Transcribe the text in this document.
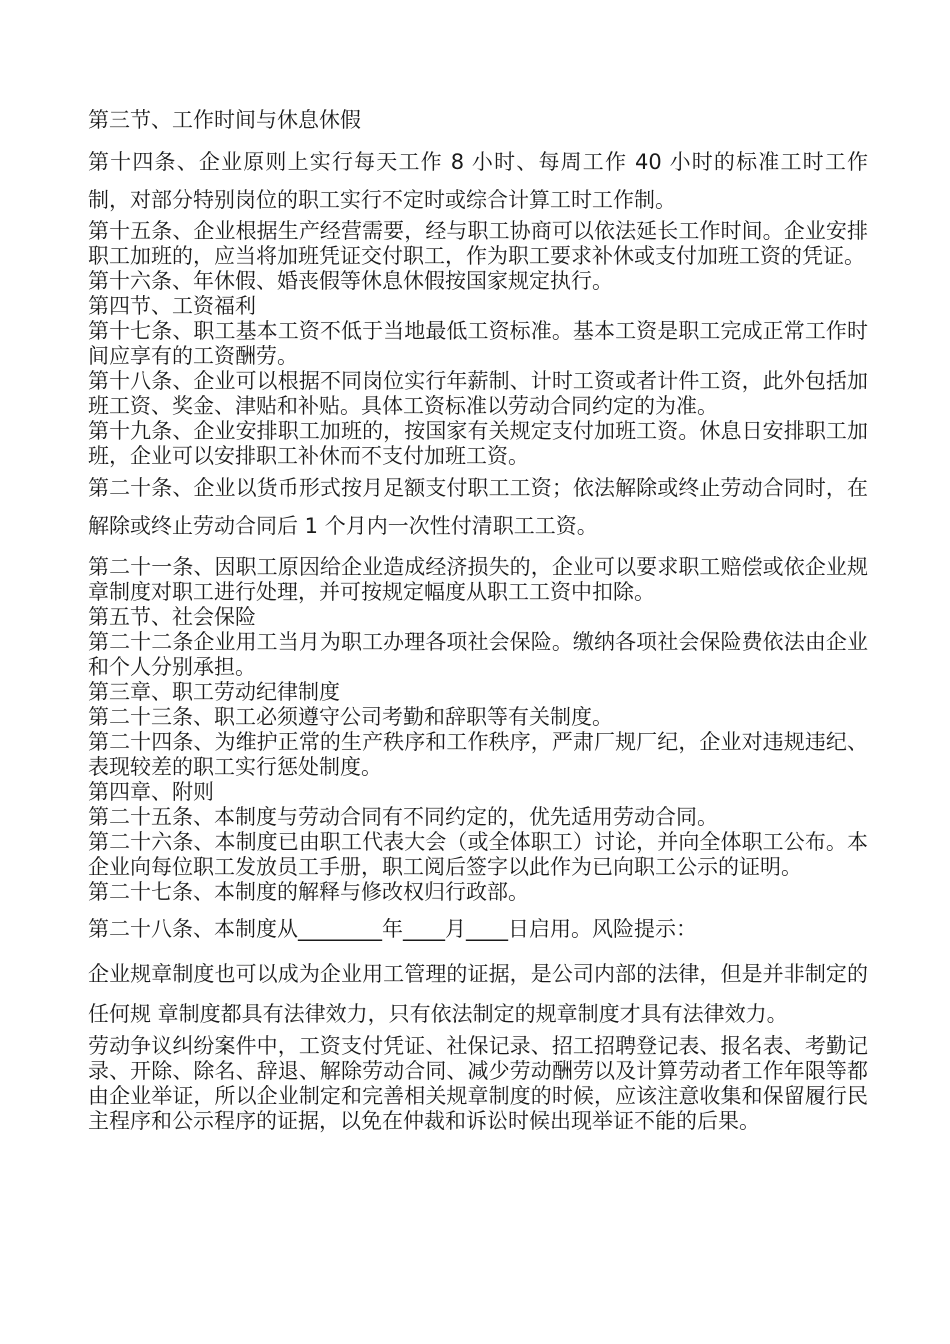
第三节、工作时间与休息休假

第十四条、企业原则上实行每天工作 8 小时、每周工作 40 小时的标准工时工作制，对部分特别岗位的职工实行不定时或综合计算工时工作制。

第十五条、企业根据生产经营需要，经与职工协商可以依法延长工作时间。企业安排职工加班的，应当将加班凭证交付职工，作为职工要求补休或支付加班工资的凭证。

第十六条、年休假、婚丧假等休息休假按国家规定执行。

第四节、工资福利

第十七条、职工基本工资不低于当地最低工资标准。基本工资是职工完成正常工作时间应享有的工资酬劳。

第十八条、企业可以根据不同岗位实行年薪制、计时工资或者计件工资，此外包括加班工资、奖金、津贴和补贴。具体工资标准以劳动合同约定的为准。

第十九条、企业安排职工加班的，按国家有关规定支付加班工资。休息日安排职工加班，企业可以安排职工补休而不支付加班工资。

第二十条、企业以货币形式按月足额支付职工工资；依法解除或终止劳动合同时，在解除或终止劳动合同后 1 个月内一次性付清职工工资。

第二十一条、因职工原因给企业造成经济损失的，企业可以要求职工赔偿或依企业规章制度对职工进行处理，并可按规定幅度从职工工资中扣除。

第五节、社会保险

第二十二条企业用工当月为职工办理各项社会保险。缴纳各项社会保险费依法由企业和个人分别承担。

第三章、职工劳动纪律制度

第二十三条、职工必须遵守公司考勤和辞职等有关制度。

第二十四条、为维护正常的生产秩序和工作秩序，严肃厂规厂纪，企业对违规违纪、表现较差的职工实行惩处制度。

第四章、附则

第二十五条、本制度与劳动合同有不同约定的，优先适用劳动合同。

第二十六条、本制度已由职工代表大会（或全体职工）讨论，并向全体职工公布。本企业向每位职工发放员工手册，职工阅后签字以此作为已向职工公示的证明。

第二十七条、本制度的解释与修改权归行政部。

第二十八条、本制度从________年____月____日启用。风险提示：

企业规章制度也可以成为企业用工管理的证据，是公司内部的法律，但是并非制定的任何规 章制度都具有法律效力，只有依法制定的规章制度才具有法律效力。

劳动争议纠纷案件中，工资支付凭证、社保记录、招工招聘登记表、报名表、考勤记录、开除、除名、辞退、解除劳动合同、减少劳动酬劳以及计算劳动者工作年限等都由企业举证，所以企业制定和完善相关规章制度的时候，应该注意收集和保留履行民主程序和公示程序的证据，以免在仲裁和诉讼时候出现举证不能的后果。
